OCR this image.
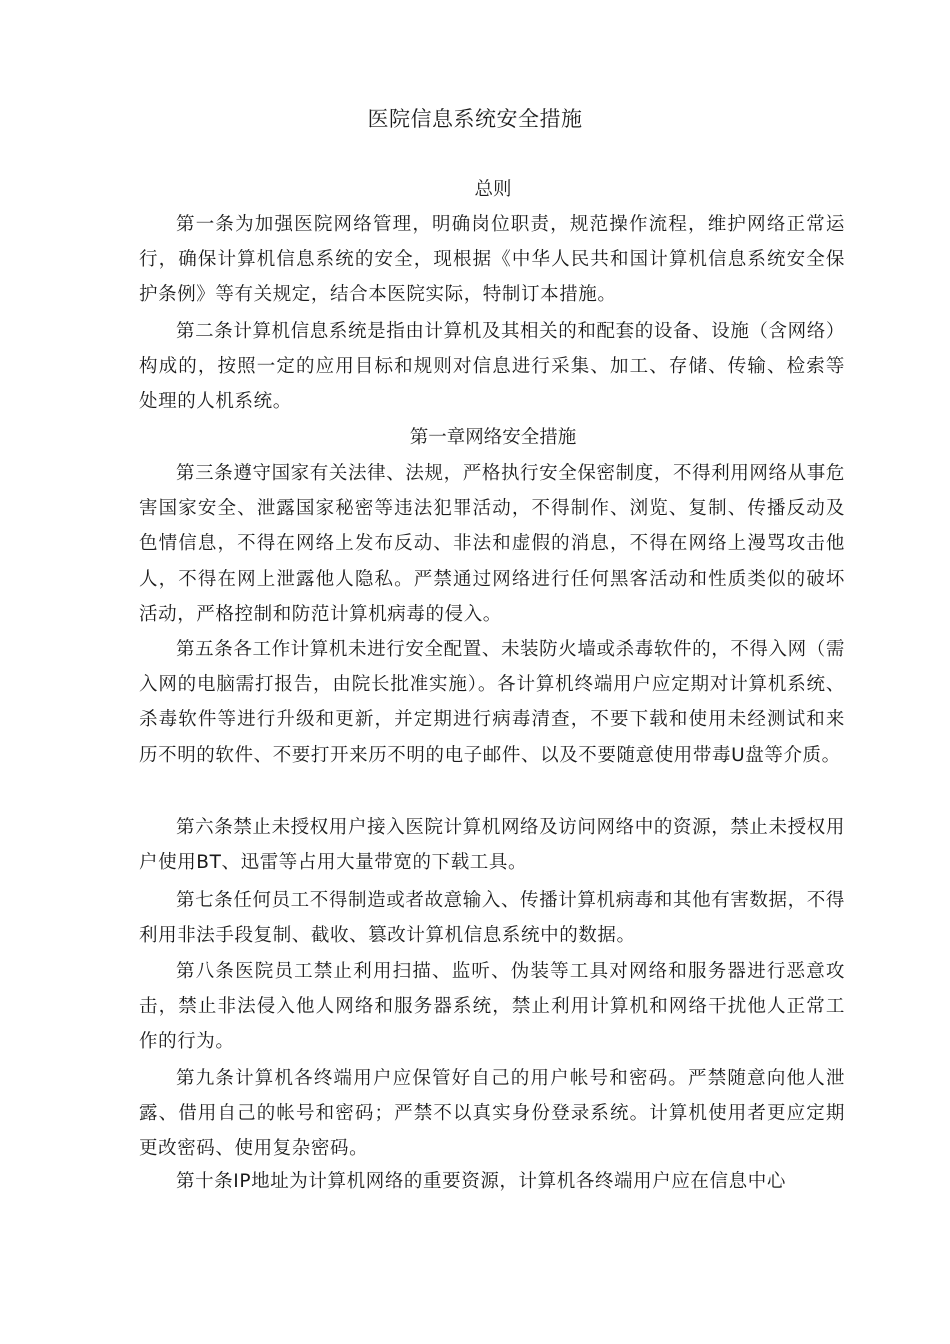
医院信息系统安全措施
总则

第一条为加强医院网络管理，明确岗位职责，规范操作流程，维护网络正常运行，确保计算机信息系统的安全，现根据《中华人民共和国计算机信息系统安全保护条例》等有关规定，结合本医院实际，特制订本措施。

第二条计算机信息系统是指由计算机及其相关的和配套的设备、设施（含网络）构成的，按照一定的应用目标和规则对信息进行采集、加工、存储、传输、检索等处理的人机系统。

第一章网络安全措施

第三条遵守国家有关法律、法规，严格执行安全保密制度，不得利用网络从事危害国家安全、泄露国家秘密等违法犯罪活动，不得制作、浏览、复制、传播反动及色情信息，不得在网络上发布反动、非法和虚假的消息，不得在网络上漫骂攻击他人，不得在网上泄露他人隐私。严禁通过网络进行任何黑客活动和性质类似的破坏活动，严格控制和防范计算机病毒的侵入。

第五条各工作计算机未进行安全配置、未装防火墙或杀毒软件的，不得入网（需入网的电脑需打报告，由院长批准实施）。各计算机终端用户应定期对计算机系统、杀毒软件等进行升级和更新，并定期进行病毒清查，不要下载和使用未经测试和来历不明的软件、不要打开来历不明的电子邮件、以及不要随意使用带毒U盘等介质。

第六条禁止未授权用户接入医院计算机网络及访问网络中的资源，禁止未授权用户使用BT、迅雷等占用大量带宽的下载工具。

第七条任何员工不得制造或者故意输入、传播计算机病毒和其他有害数据，不得利用非法手段复制、截收、篡改计算机信息系统中的数据。

第八条医院员工禁止利用扫描、监听、伪装等工具对网络和服务器进行恶意攻击，禁止非法侵入他人网络和服务器系统，禁止利用计算机和网络干扰他人正常工作的行为。

第九条计算机各终端用户应保管好自己的用户帐号和密码。严禁随意向他人泄露、借用自己的帐号和密码；严禁不以真实身份登录系统。计算机使用者更应定期更改密码、使用复杂密码。

第十条IP地址为计算机网络的重要资源，计算机各终端用户应在信息中心
